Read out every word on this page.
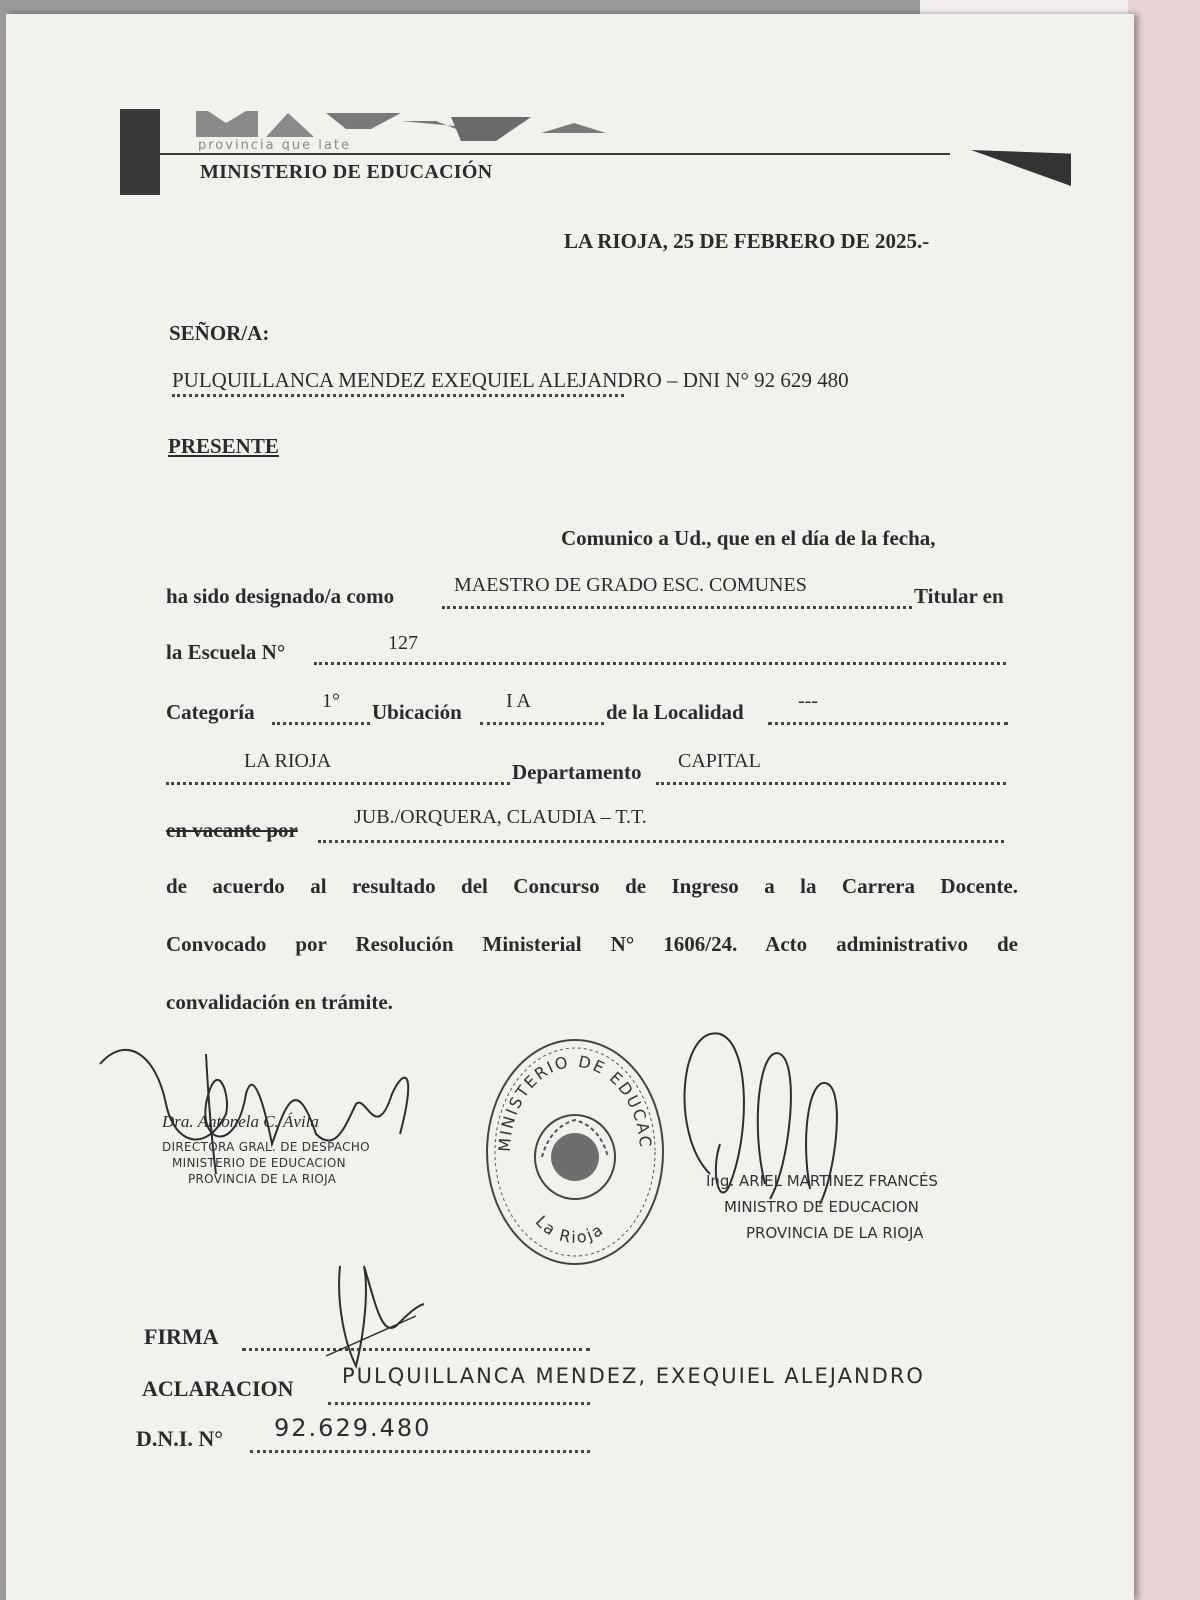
provincia que late
MINISTERIO DE EDUCACIÓN
LA RIOJA, 25 DE FEBRERO DE 2025.-
SEÑOR/A:
PULQUILLANCA MENDEZ EXEQUIEL ALEJANDRO – DNI N° 92 629 480
PRESENTE
Comunico a Ud., que en el día de la fecha,
ha sido designado/a como	MAESTRO DE GRADO ESC. COMUNES	Titular en
la Escuela N°	127
Categoría	1° Ubicación I A	de la Localidad	---
LA RIOJA	Departamento CAPITAL
en vacante por
JUB./ORQUERA, CLAUDIA – T.T.
de acuerdo al resultado del Concurso de Ingreso a la Carrera Docente.
Convocado por Resolución Ministerial N° 1606/24. Acto administrativo de
convalidación en trámite.
Dra. Antonela C. Ávila
DIRECTORA GRAL. DE DESPACHO
MINISTERIO DE EDUCACION
PROVINCIA DE LA RIOJA
MINISTERIO DE EDUCAC
La Rioja
Ing. ARIEL MARTINEZ FRANCÉS
MINISTRO DE EDUCACION
PROVINCIA DE LA RIOJA
FIRMA
ACLARACION PULQUILLANCA MENDEZ, EXEQUIEL ALEJANDRO
D.N.I. N° 92.629.480
